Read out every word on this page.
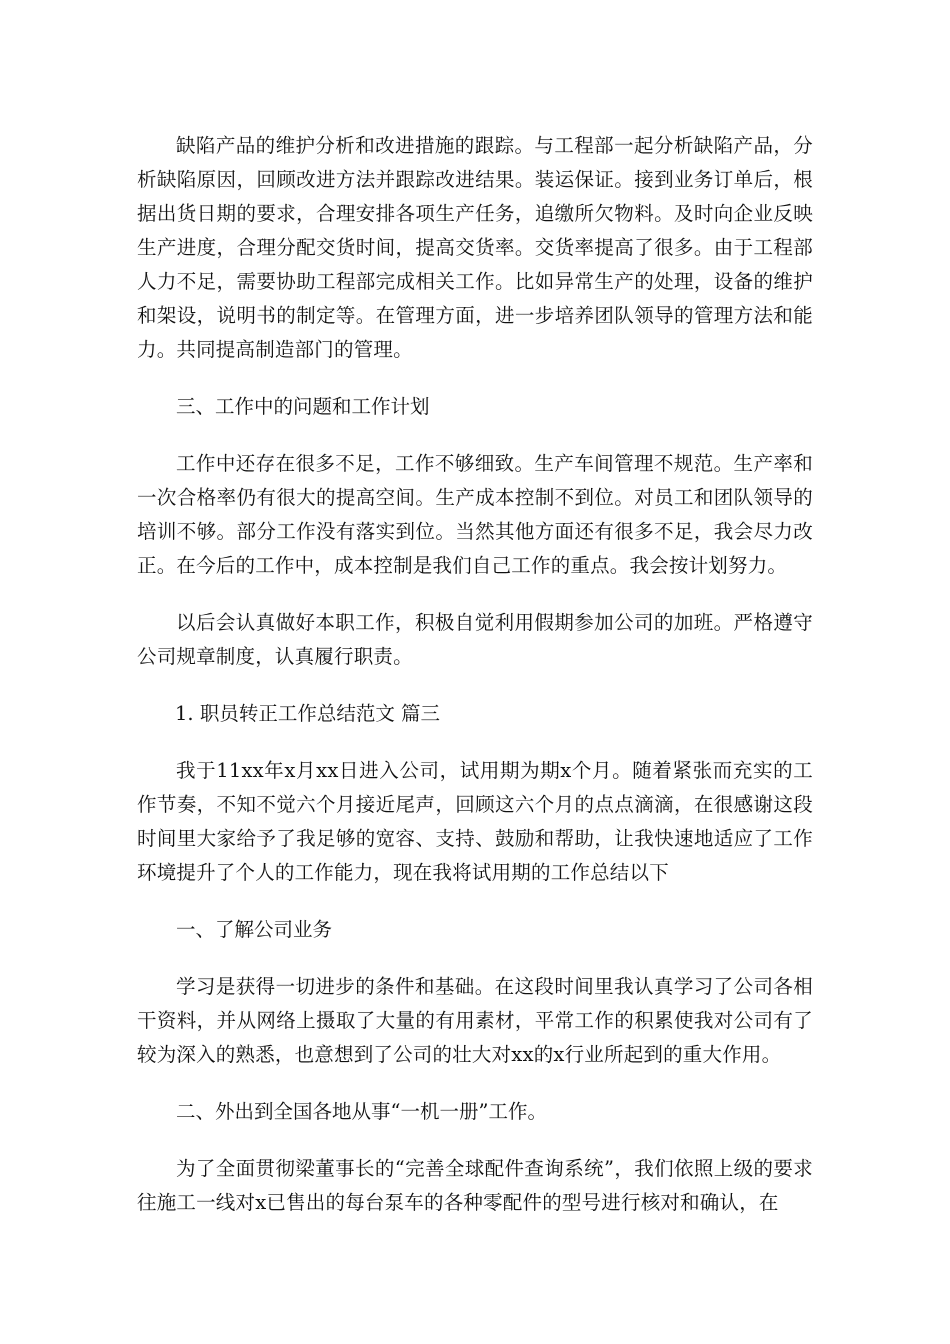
缺陷产品的维护分析和改进措施的跟踪。与工程部一起分析缺陷产品，分析缺陷原因，回顾改进方法并跟踪改进结果。装运保证。接到业务订单后，根据出货日期的要求，合理安排各项生产任务，追缴所欠物料。及时向企业反映生产进度，合理分配交货时间，提高交货率。交货率提高了很多。由于工程部人力不足，需要协助工程部完成相关工作。比如异常生产的处理，设备的维护和架设，说明书的制定等。在管理方面，进一步培养团队领导的管理方法和能力。共同提高制造部门的管理。

三、工作中的问题和工作计划

工作中还存在很多不足，工作不够细致。生产车间管理不规范。生产率和一次合格率仍有很大的提高空间。生产成本控制不到位。对员工和团队领导的培训不够。部分工作没有落实到位。当然其他方面还有很多不足，我会尽力改正。在今后的工作中，成本控制是我们自己工作的重点。我会按计划努力。

以后会认真做好本职工作，积极自觉利用假期参加公司的加班。严格遵守公司规章制度，认真履行职责。

1. 职员转正工作总结范文 篇三

我于11xx年x月xx日进入公司，试用期为期x个月。随着紧张而充实的工作节奏，不知不觉六个月接近尾声，回顾这六个月的点点滴滴，在很感谢这段时间里大家给予了我足够的宽容、支持、鼓励和帮助，让我快速地适应了工作环境提升了个人的工作能力，现在我将试用期的工作总结以下

一、了解公司业务

学习是获得一切进步的条件和基础。在这段时间里我认真学习了公司各相干资料，并从网络上摄取了大量的有用素材，平常工作的积累使我对公司有了较为深入的熟悉，也意想到了公司的壮大对xx的x行业所起到的重大作用。

二、外出到全国各地从事“一机一册”工作。

为了全面贯彻梁董事长的“完善全球配件查询系统”，我们依照上级的要求往施工一线对x已售出的每台泵车的各种零配件的型号进行核对和确认，在
